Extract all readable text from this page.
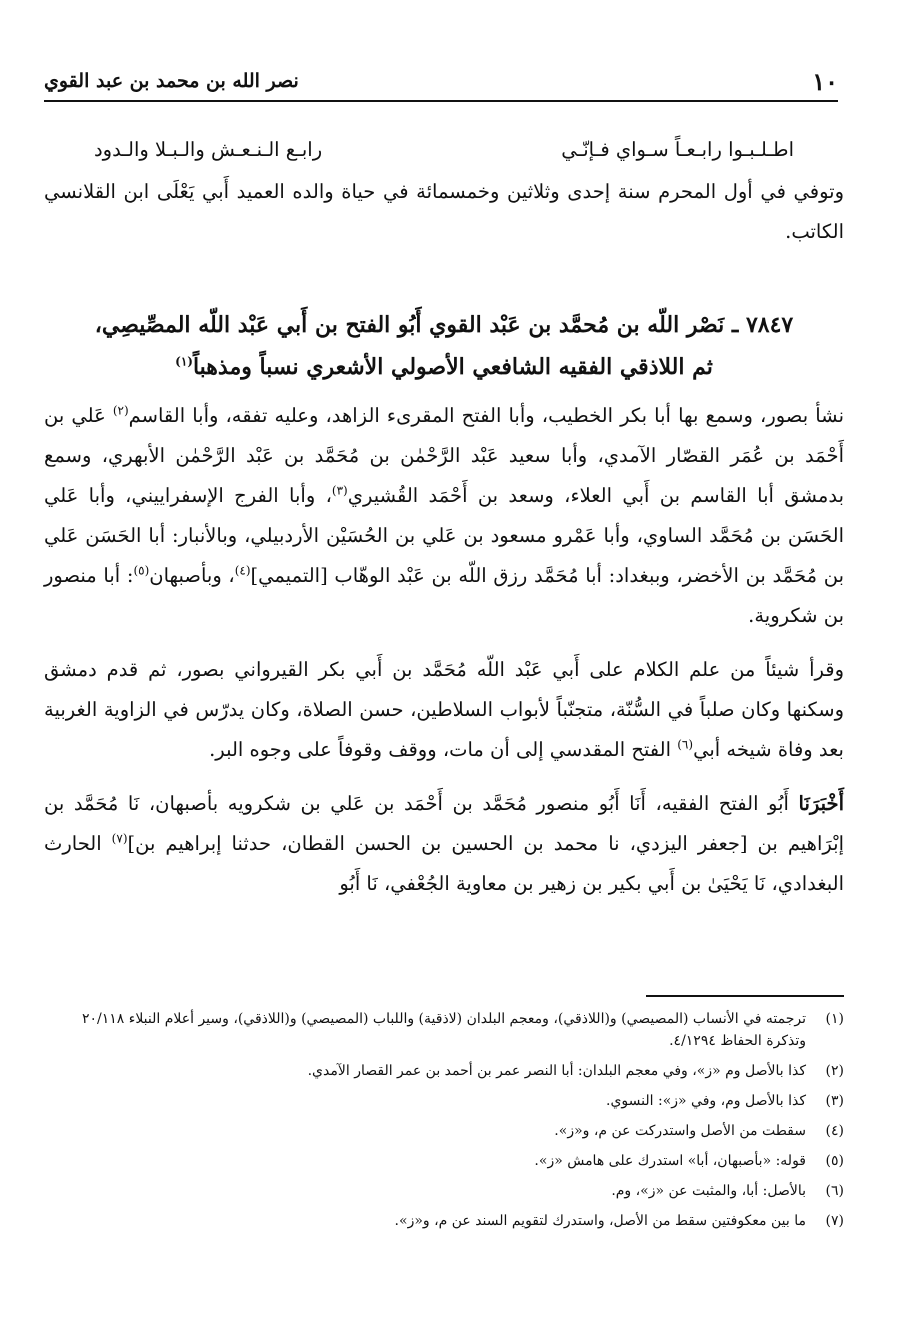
١٠
نصر الله بن محمد بن عبد القوي
اطـلـبـوا رابـعـاً سـواي فـإنّـي
رابـع الـنـعـش والـبـلا والـدود

وتوفي في أول المحرم سنة إحدى وثلاثين وخمسمائة في حياة والده العميد أَبي يَعْلَى ابن القلانسي الكاتب.

٧٨٤٧ ـ نَصْر اللّه بن مُحمَّد بن عَبْد القوي أَبُو الفتح بن أَبي عَبْد اللّه المصِّيصِي،
ثم اللاذقي الفقيه الشافعي الأصولي الأشعري نسباً ومذهباً$^{(١)}$

نشأ بصور، وسمع بها أبا بكر الخطيب، وأبا الفتح المقرىء الزاهد، وعليه تفقه، وأبا القاسم$^{(٢)}$ عَلي بن أَحْمَد بن عُمَر القصّار الآمدي، وأبا سعيد عَبْد الرَّحْمٰن بن مُحَمَّد بن عَبْد الرَّحْمٰن الأبهري، وسمع بدمشق أبا القاسم بن أَبي العلاء، وسعد بن أَحْمَد القُشيري$^{(٣)}$، وأبا الفرج الإسفراييني، وأبا عَلي الحَسَن بن مُحَمَّد الساوي، وأبا عَمْرو مسعود بن عَلي بن الحُسَيْن الأردبيلي، وبالأنبار: أبا الحَسَن عَلي بن مُحَمَّد بن الأخضر، وببغداد: أبا مُحَمَّد رزق اللّه بن عَبْد الوهّاب [التميمي]$^{(٤)}$، وبأصبهان$^{(٥)}$: أبا منصور بن شكروية.

وقرأ شيئاً من علم الكلام على أَبي عَبْد اللّه مُحَمَّد بن أَبي بكر القيرواني بصور، ثم قدم دمشق وسكنها وكان صلباً في السُّنّة، متجنّباً لأبواب السلاطين، حسن الصلاة، وكان يدرّس في الزاوية الغربية بعد وفاة شيخه أبي$^{(٦)}$ الفتح المقدسي إلى أن مات، ووقف وقوفاً على وجوه البر.

أَخْبَرَنَا أَبُو الفتح الفقيه، أَنَا أَبُو منصور مُحَمَّد بن أَحْمَد بن عَلي بن شكرويه بأصبهان، نَا مُحَمَّد بن إبْرَاهيم بن [جعفر اليزدي، نا محمد بن الحسين بن الحسن القطان، حدثنا إبراهيم بن]$^{(٧)}$ الحارث البغدادي، نَا يَحْيَىٰ بن أَبي بكير بن زهير بن معاوية الجُعْفي، نَا أَبُو

(١)
ترجمته في الأنساب (المصيصي) و(اللاذقي)، ومعجم البلدان (لاذقية) واللباب (المصيصي) و(اللاذقي)، وسير أعلام النبلاء ٢٠/١١٨ وتذكرة الحفاظ ٤/١٢٩٤.
(٢)
كذا بالأصل وم «ز»، وفي معجم البلدان: أبا النصر عمر بن أحمد بن عمر القصار الآمدي.
(٣)
كذا بالأصل وم، وفي «ز»: النسوي.
(٤)
سقطت من الأصل واستدركت عن م، و«ز».
(٥)
قوله: «بأصبهان، أبا» استدرك على هامش «ز».
(٦)
بالأصل: أبا، والمثبت عن «ز»، وم.
(٧)
ما بين معكوفتين سقط من الأصل، واستدرك لتقويم السند عن م، و«ز».
